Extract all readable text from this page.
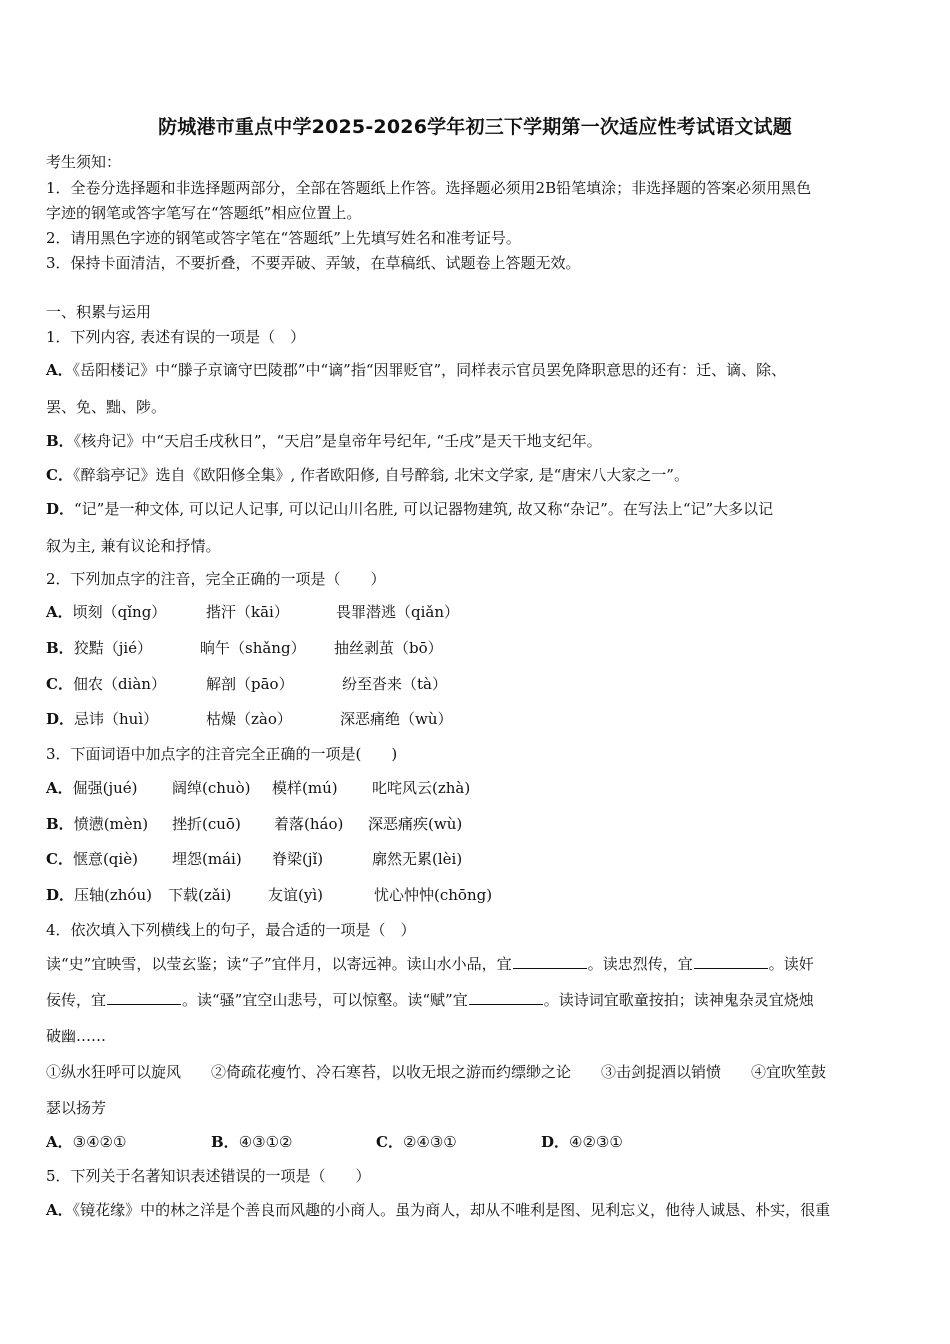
防城港市重点中学2025-2026学年初三下学期第一次适应性考试语文试题
考生须知：
1．全卷分选择题和非选择题两部分，全部在答题纸上作答。选择题必须用2B铅笔填涂；非选择题的答案必须用黑色
字迹的钢笔或答字笔写在“答题纸”相应位置上。
2．请用黑色字迹的钢笔或答字笔在“答题纸”上先填写姓名和准考证号。
3．保持卡面清洁，不要折叠，不要弄破、弄皱，在草稿纸、试题卷上答题无效。
一、积累与运用
1．下列内容, 表述有误的一项是（　）
A．《岳阳楼记》中“滕子京谪守巴陵郡”中“谪”指“因罪贬官”，同样表示官员罢免降职意思的还有：迁、谪、除、
罢、免、黜、陟。
B．《核舟记》中“天启壬戌秋日”，“天启”是皇帝年号纪年, “壬戌”是天干地支纪年。
C．《醉翁亭记》选自《欧阳修全集》, 作者欧阳修, 自号醉翁, 北宋文学家, 是“唐宋八大家之一”。
D．“记”是一种文体, 可以记人记事, 可以记山川名胜, 可以记器物建筑, 故又称“杂记”。在写法上“记”大多以记
叙为主, 兼有议论和抒情。
2．下列加点字的注音，完全正确的一项是（　　）
A．顷刻（qǐng）	揩汗（kāi）	畏罪潜逃（qiǎn）
B．狡黠（jié）	晌午（shǎng） 抽丝剥茧（bō）
C．佃农（diàn）	解剖（pāo）	纷至沓来（tà）
D．忌讳（huì）	枯燥（zào）	深恶痛绝（wù）
3．下面词语中加点字的注音完全正确的一项是(　　)
A．倔强(jué) 阔绰(chuò) 模样(mú) 叱咤风云(zhà)
B．愤懑(mèn) 挫折(cuō) 着落(háo) 深恶痛疾(wù)
C．惬意(qiè) 埋怨(mái) 脊梁(jǐ)	廓然无累(lèi)
D．压轴(zhóu) 下载(zǎi) 友谊(yì)	忧心忡忡(chōng)
4．依次填入下列横线上的句子，最合适的一项是（　）
读“史”宜映雪，以莹玄鉴；读“子”宜伴月，以寄远神。读山水小品，宜	。读忠烈传，宜	。读奸
佞传，宜	。读“骚”宜空山悲号，可以惊壑。读“赋”宜	。读诗词宜歌童按拍；读神鬼杂灵宜烧烛
破幽……
①纵水狂呼可以旋风　　②倚疏花瘦竹、冷石寒苔，以收无垠之游而约缥缈之论　　③击剑捉酒以销愤　　④宜吹笙鼓
瑟以扬芳
A．③④②①	B．④③①②	C．②④③①	D．④②③①
5．下列关于名著知识表述错误的一项是（　　）
A．《镜花缘》中的林之洋是个善良而风趣的小商人。虽为商人，却从不唯利是图、见利忘义，他待人诚恳、朴实，很重
